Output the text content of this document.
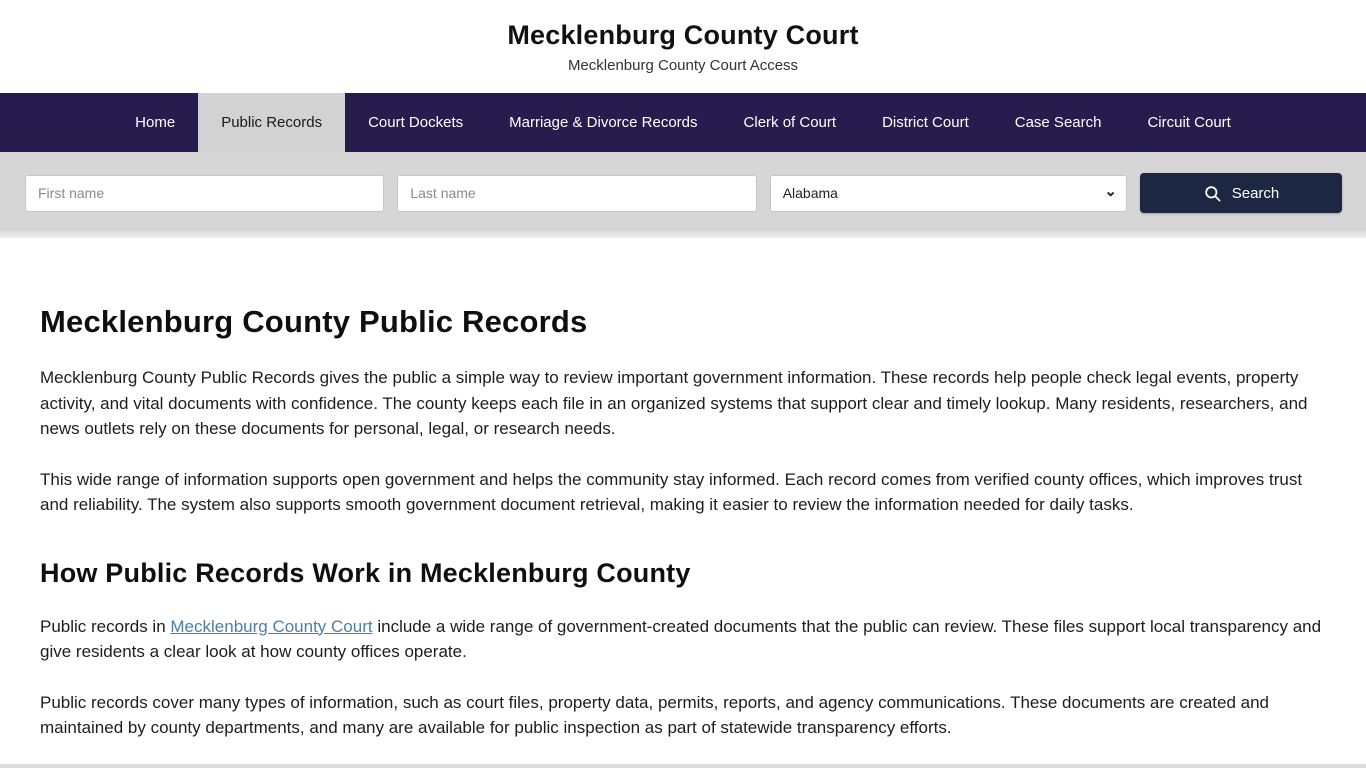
Mecklenburg County Court
Mecklenburg County Court Access
Home	Public Records	Court Dockets	Marriage & Divorce Records	Clerk of Court	District Court	Case Search	Circuit Court
First name
Last name
Alabama
⌄	Search
Mecklenburg County Public Records

Mecklenburg County Public Records gives the public a simple way to review important government information. These records help people check legal events, property activity, and vital documents with confidence. The county keeps each file in an organized systems that support clear and timely lookup. Many residents, researchers, and news outlets rely on these documents for personal, legal, or research needs.

This wide range of information supports open government and helps the community stay informed. Each record comes from verified county offices, which improves trust and reliability. The system also supports smooth government document retrieval, making it easier to review the information needed for daily tasks.

How Public Records Work in Mecklenburg County

Public records in Mecklenburg County Court include a wide range of government-created documents that the public can review. These files support local transparency and give residents a clear look at how county offices operate.

Public records cover many types of information, such as court files, property data, permits, reports, and agency communications. These documents are created and maintained by county departments, and many are available for public inspection as part of statewide transparency efforts.
